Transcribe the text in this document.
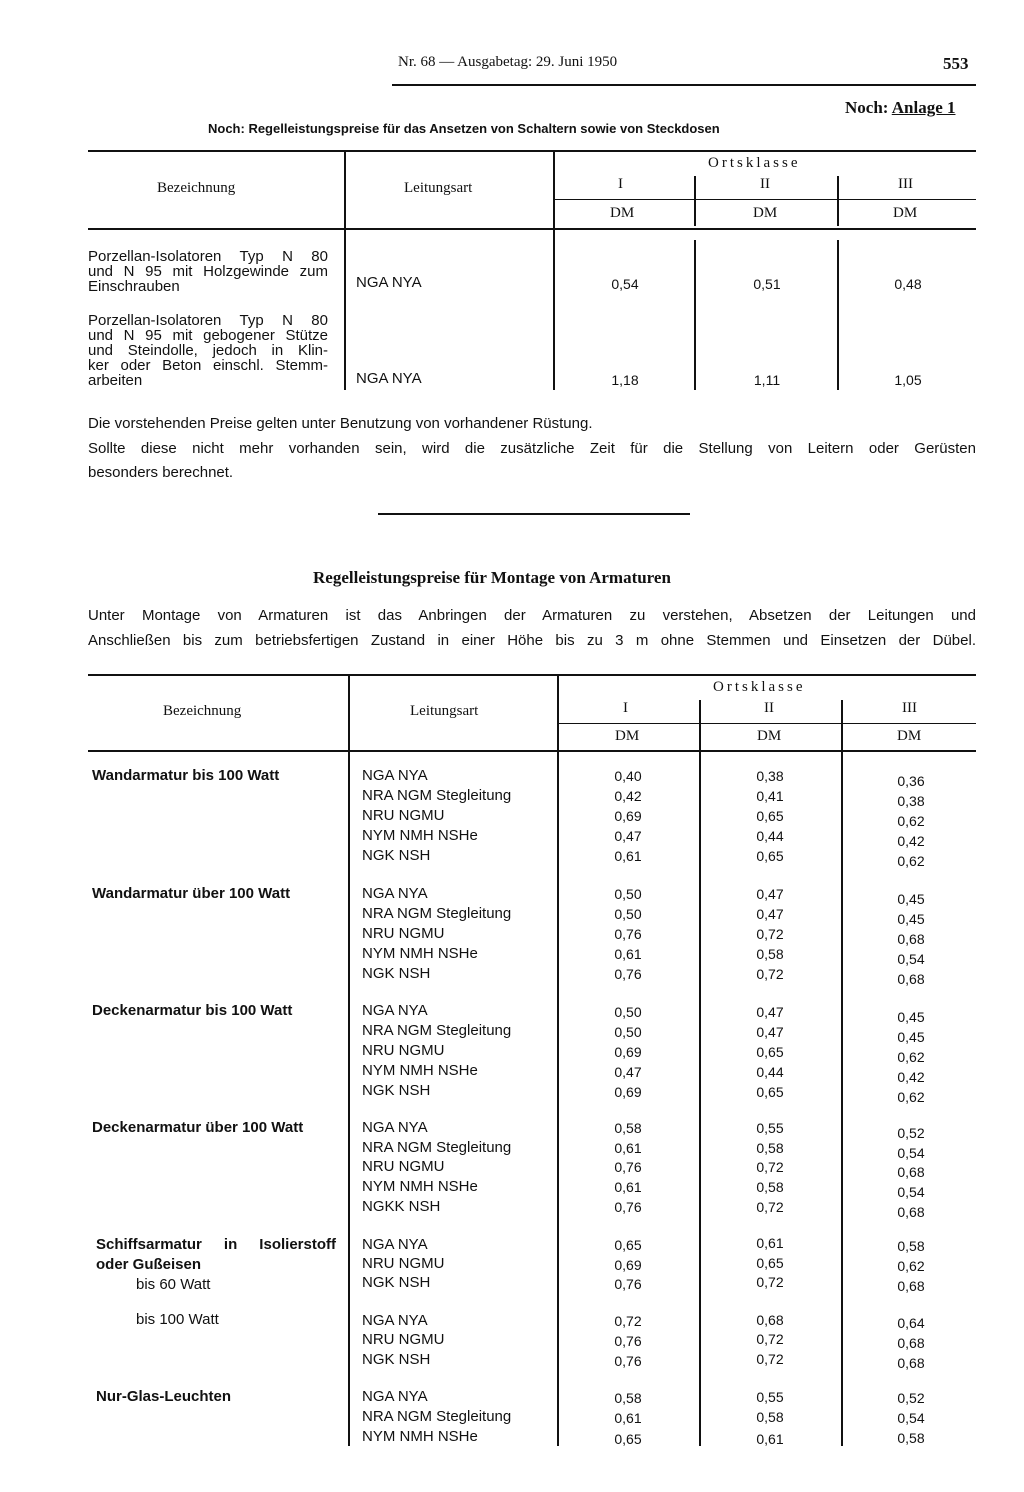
Nr. 68 — Ausgabetag: 29. Juni 1950	553
Noch: Anlage 1
Noch: Regelleistungspreise für das Ansetzen von Schaltern sowie von Steckdosen
Bezeichnung	Leitungsart
Ortsklasse
I	II	III
DM	DM	DM
Porzellan-Isolatoren Typ N 80
und N 95 mit Holzgewinde zum
Einschrauben	NGA NYA	0,54	0,51	0,48
Porzellan-Isolatoren Typ N 80
und N 95 mit gebogener Stütze
und Steindolle, jedoch in Klin-
ker oder Beton einschl. Stemm-
arbeiten	NGA NYA	1,18	1,11	1,05
Die vorstehenden Preise gelten unter Benutzung von vorhandener Rüstung.
Sollte diese nicht mehr vorhanden sein, wird die zusätzliche Zeit für die Stellung von Leitern oder Gerüsten
besonders berechnet.
Regelleistungspreise für Montage von Armaturen
Unter Montage von Armaturen ist das Anbringen der Armaturen zu verstehen, Absetzen der Leitungen und
Anschließen bis zum betriebsfertigen Zustand in einer Höhe bis zu 3 m ohne Stemmen und Einsetzen der Dübel.
Bezeichnung	Leitungsart
Ortsklasse
I	II	III
DM	DM	DM
Wandarmatur bis 100 Watt	NGA NYA	0,40	0,38	0,36
NRA NGM Stegleitung	0,42	0,41	0,38
NRU NGMU	0,69	0,65	0,62
NYM NMH NSHe	0,47	0,44	0,42
NGK NSH	0,61	0,65	0,62
Wandarmatur über 100 Watt	NGA NYA	0,50	0,47	0,45
NRA NGM Stegleitung	0,50	0,47	0,45
NRU NGMU	0,76	0,72	0,68
NYM NMH NSHe	0,61	0,58	0,54
NGK NSH	0,76	0,72	0,68
Deckenarmatur bis 100 Watt	NGA NYA	0,50	0,47	0,45
NRA NGM Stegleitung	0,50	0,47	0,45
NRU NGMU	0,69	0,65	0,62
NYM NMH NSHe	0,47	0,44	0,42
NGK NSH	0,69	0,65	0,62
Deckenarmatur über 100 Watt	NGA NYA	0,58	0,55	0,52
NRA NGM Stegleitung	0,61	0,58	0,54
NRU NGMU	0,76	0,72	0,68
NYM NMH NSHe	0,61	0,58	0,54
NGKK NSH	0,76	0,72	0,68
Schiffsarmatur in Isolierstoff
oder Gußeisen
bis 60 Watt
NGA NYA	0,65	0,61	0,58
NRU NGMU	0,69	0,65	0,62
NGK NSH	0,76	0,72	0,68
bis 100 Watt	NGA NYA	0,72	0,68	0,64
NRU NGMU	0,76	0,72	0,68
NGK NSH	0,76	0,72	0,68
Nur-Glas-Leuchten	NGA NYA	0,58	0,55	0,52
NRA NGM Stegleitung	0,61	0,58	0,54
NYM NMH NSHe	0,65	0,61	0,58
